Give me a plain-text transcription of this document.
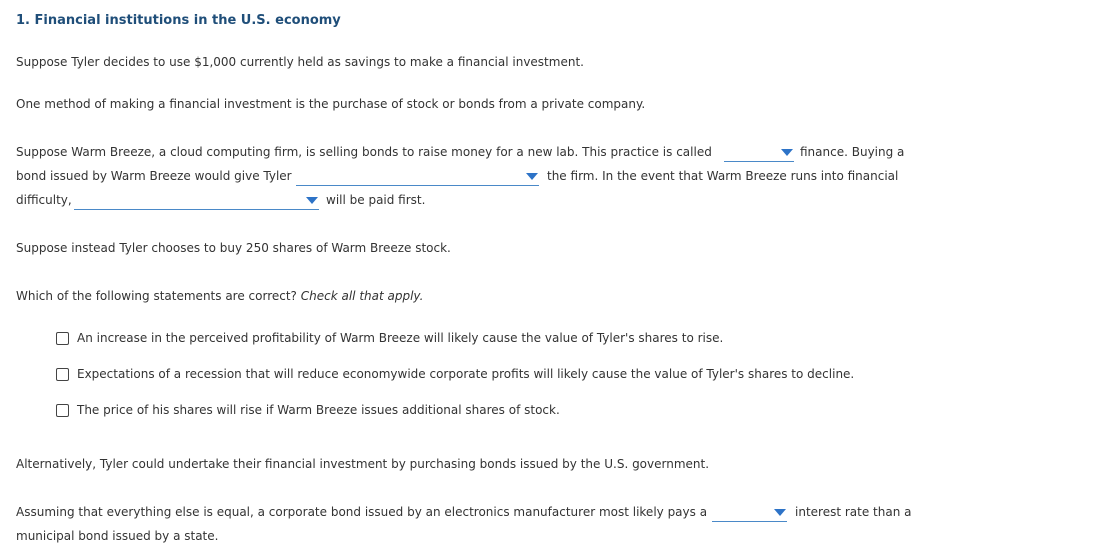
1. Financial institutions in the U.S. economy
Suppose Tyler decides to use $1,000 currently held as savings to make a financial investment.
One method of making a financial investment is the purchase of stock or bonds from a private company.
Suppose Warm Breeze, a cloud computing firm, is selling bonds to raise money for a new lab. This practice is called	finance. Buying a
bond issued by Warm Breeze would give Tyler	the firm. In the event that Warm Breeze runs into financial
difficulty,	will be paid first.
Suppose instead Tyler chooses to buy 250 shares of Warm Breeze stock.
Which of the following statements are correct? Check all that apply.
An increase in the perceived profitability of Warm Breeze will likely cause the value of Tyler's shares to rise.
Expectations of a recession that will reduce economywide corporate profits will likely cause the value of Tyler's shares to decline.
The price of his shares will rise if Warm Breeze issues additional shares of stock.
Alternatively, Tyler could undertake their financial investment by purchasing bonds issued by the U.S. government.
Assuming that everything else is equal, a corporate bond issued by an electronics manufacturer most likely pays a	interest rate than a
municipal bond issued by a state.
